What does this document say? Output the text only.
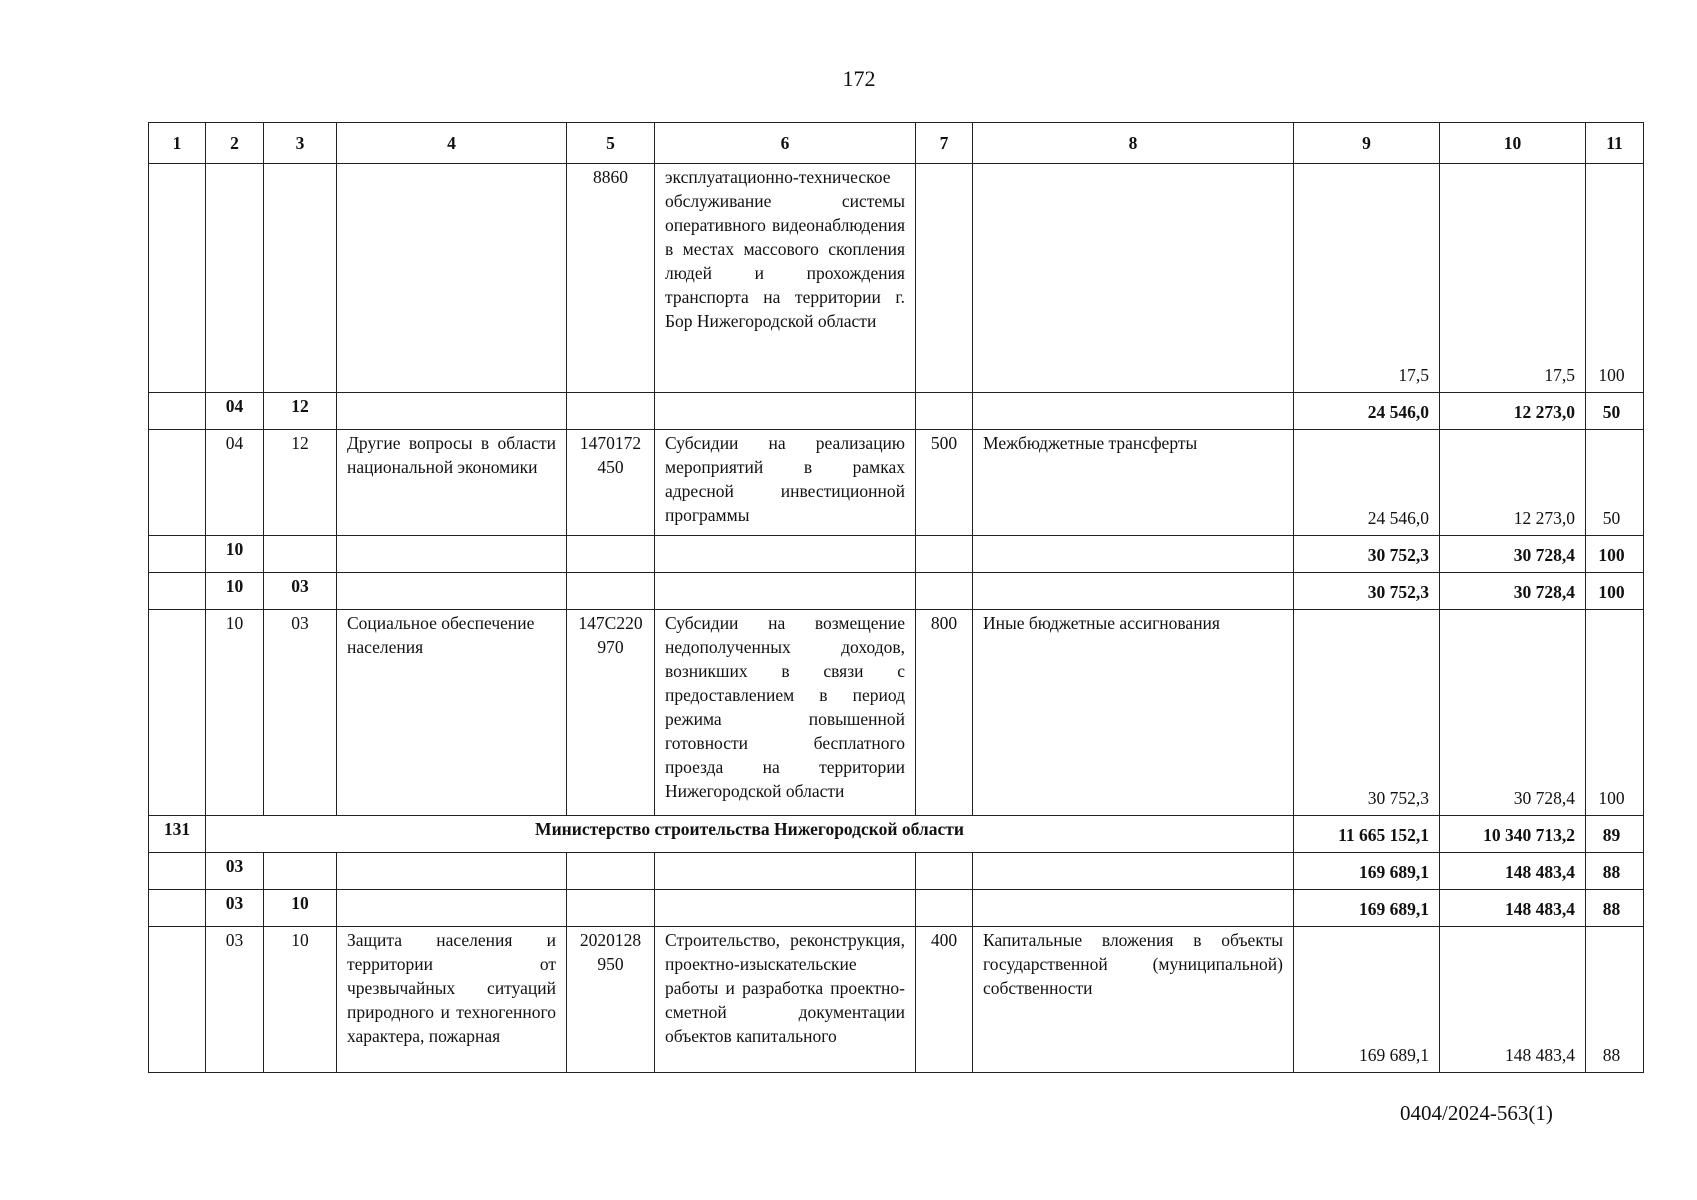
172
1	2	3	4	5	6	7	8	9	10	11

				8860	эксплуатационно-техническое обслуживание системы оперативного видеонаблюдения в местах массового скопления людей и прохождения транспорта на территории г. Бор Нижегородской области			17,5	17,5	100

	04	12						24 546,0	12 273,0	50

	04	12	Другие вопросы в области национальной экономики	1470172450	Субсидии на реализацию мероприятий в рамках адресной инвестиционной программы	500	Межбюджетные трансферты	24 546,0	12 273,0	50

	10							30 752,3	30 728,4	100

	10	03						30 752,3	30 728,4	100

	10	03	Социальное обеспечение населения	147С220970	Субсидии на возмещение недополученных доходов, возникших в связи с предоставлением в период режима повышенной готовности бесплатного проезда на территории Нижегородской области	800	Иные бюджетные ассигнования	30 752,3	30 728,4	100

131	Министерство строительства Нижегородской области							11 665 152,1	10 340 713,2	89

	03							169 689,1	148 483,4	88

	03	10						169 689,1	148 483,4	88

	03	10	Защита населения и территории от чрезвычайных ситуаций природного и техногенного характера, пожарная	2020128950	Строительство, реконструкция, проектно-изыскательские работы и разработка проектно-сметной документации объектов капитального	400	Капитальные вложения в объекты государственной (муниципальной) собственности	169 689,1	148 483,4	88
0404/2024-563(1)
